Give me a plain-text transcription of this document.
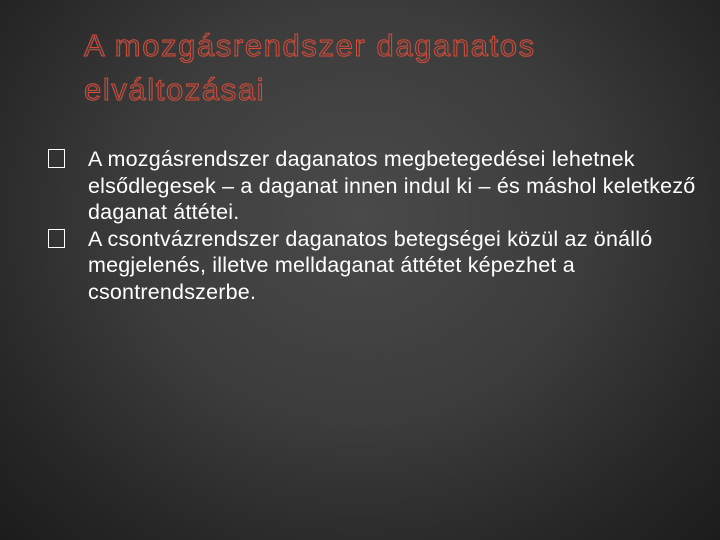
A mozgásrendszer daganatos elváltozásai
A mozgásrendszer daganatos megbetegedései lehetnek elsődlegesek – a daganat innen indul ki – és máshol keletkező daganat áttétei.
A csontvázrendszer daganatos betegségei közül az önálló megjelenés, illetve melldaganat áttétet képezhet a csontrendszerbe.
